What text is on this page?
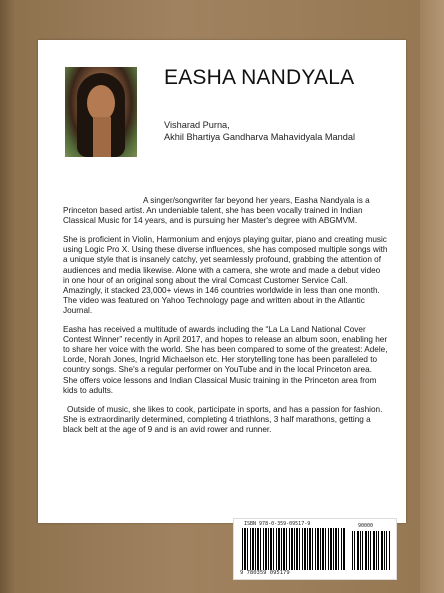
EASHA NANDYALA
Visharad Purna,
Akhil Bhartiya Gandharva Mahavidyala Mandal

A singer/songwriter far beyond her years, Easha Nandyala is a Princeton based artist. An undeniable talent, she has been vocally trained in Indian Classical Music for 14 years, and is pursuing her Master's degree with ABGMVM.

She is proficient in Violin, Harmonium and enjoys playing guitar, piano and creating music using Logic Pro X. Using these diverse influences, she has composed multiple songs with a unique style that is insanely catchy, yet seamlessly profound, grabbing the attention of audiences and media likewise. Alone with a camera, she wrote and made a debut video in one hour of an original song about the viral Comcast Customer Service Call. Amazingly, it stacked 23,000+ views in 146 countries worldwide in less than one month. The video was featured on Yahoo Technology page and written about in the Atlantic Journal.

Easha has received a multitude of awards including the “La La Land National Cover Contest Winner” recently in April 2017, and hopes to release an album soon, enabling her to share her voice with the world. She has been compared to some of the greatest: Adele, Lorde, Norah Jones, Ingrid Michaelson etc. Her storytelling tone has been paralleled to country songs. She's a regular performer on YouTube and in the local Princeton area. She offers voice lessons and Indian Classical Music training in the Princeton area from kids to adults.

Outside of music, she likes to cook, participate in sports, and has a passion for fashion. She is extraordinarily determined, completing 4 triathlons, 3 half marathons, getting a black belt at the age of 9 and is an avid rower and runner.

ISBN 978-0-359-09517-9	90000
9 780359 095179
